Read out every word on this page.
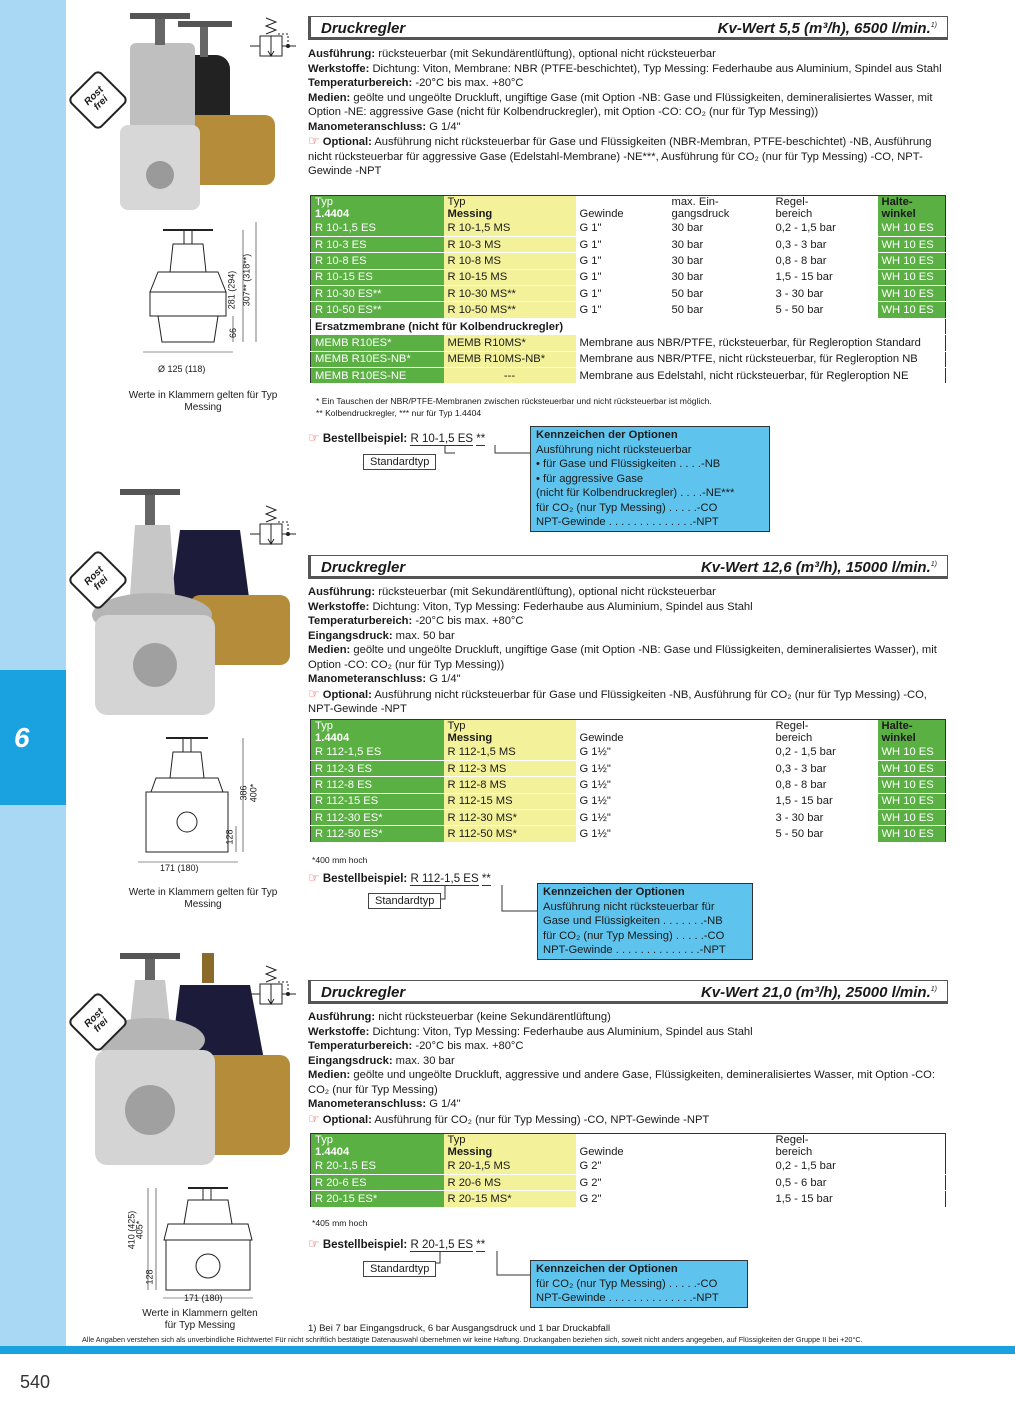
6
Rost frei
Ø 125 (118)
66
281 (294) 307** (318**)
Werte in Klammern gelten für Typ Messing
Druckregler	Kv-Wert 5,5 (m³/h), 6500 l/min.$^{1)}$
Ausführung: rücksteuerbar (mit Sekundärentlüftung), optional nicht rücksteuerbar
Werkstoffe: Dichtung: Viton, Membrane: NBR (PTFE-beschichtet), Typ Messing: Federhaube aus Aluminium, Spindel aus Stahl
Temperaturbereich: -20°C bis max. +80°C
Medien: geölte und ungeölte Druckluft, ungiftige Gase (mit Option -NB: Gase und Flüssigkeiten, demineralisiertes Wasser, mit Option -NE: aggressive Gase (nicht für Kolbendruckregler), mit Option -CO: CO₂ (nur für Typ Messing))
Manometeranschluss: G 1/4"
☞ Optional: Ausführung nicht rücksteuerbar für Gase und Flüssigkeiten (NBR-Membran, PTFE-beschichtet) -NB, Ausführung nicht rücksteuerbar für aggressive Gase (Edelstahl-Membrane) -NE***, Ausführung für CO₂ (nur für Typ Messing) -CO, NPT-Gewinde -NPT
Typ
1.4404	Typ
Messing	Gewinde	max. Ein-
gangsdruck	Regel-
bereich	Halte-
winkel
R 10-1,5 ES	R 10-1,5 MS	G 1"	30 bar	0,2 - 1,5 bar	WH 10 ES
R 10-3 ES	R 10-3 MS	G 1"	30 bar	0,3 - 3 bar	WH 10 ES
R 10-8 ES	R 10-8 MS	G 1"	30 bar	0,8 - 8 bar	WH 10 ES
R 10-15 ES	R 10-15 MS	G 1"	30 bar	1,5 - 15 bar	WH 10 ES
R 10-30 ES**	R 10-30 MS**	G 1"	50 bar	3 - 30 bar	WH 10 ES
R 10-50 ES**	R 10-50 MS**	G 1"	50 bar	5 - 50 bar	WH 10 ES
Ersatzmembrane (nicht für Kolbendruckregler)					
MEMB R10ES*	MEMB R10MS*	Membrane aus NBR/PTFE, rücksteuerbar, für Regleroption Standard			
MEMB R10ES-NB*	MEMB R10MS-NB*	Membrane aus NBR/PTFE, nicht rücksteuerbar, für Regleroption NB			
MEMB R10ES-NE	---	Membrane aus Edelstahl, nicht rücksteuerbar, für Regleroption NE			
* Ein Tauschen der NBR/PTFE-Membranen zwischen rücksteuerbar und nicht rücksteuerbar ist möglich.
** Kolbendruckregler, *** nur für Typ 1.4404
☞ Bestellbeispiel: R 10-1,5 ES **
Standardtyp
Kennzeichen der Optionen
Ausführung nicht rücksteuerbar
• für Gase und Flüssigkeiten . . . .-NB
• für aggressive Gase
(nicht für Kolbendruckregler) . . . .-NE***
für CO₂ (nur Typ Messing) . . . . .-CO
NPT-Gewinde . . . . . . . . . . . . . .-NPT
Rost frei
171 (180)
128
386 400*
Werte in Klammern gelten für Typ Messing
Druckregler	Kv-Wert 12,6 (m³/h), 15000 l/min.$^{1)}$
Ausführung: rücksteuerbar (mit Sekundärentlüftung), optional nicht rücksteuerbar
Werkstoffe: Dichtung: Viton, Typ Messing: Federhaube aus Aluminium, Spindel aus Stahl
Temperaturbereich: -20°C bis max. +80°C
Eingangsdruck: max. 50 bar
Medien: geölte und ungeölte Druckluft, ungiftige Gase (mit Option -NB: Gase und Flüssigkeiten, demineralisiertes Wasser), mit Option -CO: CO₂ (nur für Typ Messing))
Manometeranschluss: G 1/4"
☞ Optional: Ausführung nicht rücksteuerbar für Gase und Flüssigkeiten -NB, Ausführung für CO₂ (nur für Typ Messing) -CO, NPT-Gewinde -NPT
Typ
1.4404	Typ
Messing	Gewinde	Regel-
bereich	Halte-
winkel
R 112-1,5 ES	R 112-1,5 MS	G 1½"	0,2 - 1,5 bar	WH 10 ES
R 112-3 ES	R 112-3 MS	G 1½"	0,3 - 3 bar	WH 10 ES
R 112-8 ES	R 112-8 MS	G 1½"	0,8 - 8 bar	WH 10 ES
R 112-15 ES	R 112-15 MS	G 1½"	1,5 - 15 bar	WH 10 ES
R 112-30 ES*	R 112-30 MS*	G 1½"	3 - 30 bar	WH 10 ES
R 112-50 ES*	R 112-50 MS*	G 1½"	5 - 50 bar	WH 10 ES
*400 mm hoch
☞ Bestellbeispiel: R 112-1,5 ES **
Standardtyp
Kennzeichen der Optionen
Ausführung nicht rücksteuerbar für
Gase und Flüssigkeiten . . . . . . .-NB
für CO₂ (nur Typ Messing) . . . . .-CO
NPT-Gewinde . . . . . . . . . . . . . .-NPT
Rost frei
171 (180)
128
410 (425)
405*
Werte in Klammern gelten für Typ Messing
Druckregler	Kv-Wert 21,0 (m³/h), 25000 l/min.$^{1)}$
Ausführung: nicht rücksteuerbar (keine Sekundärentlüftung)
Werkstoffe: Dichtung: Viton, Typ Messing: Federhaube aus Aluminium, Spindel aus Stahl
Temperaturbereich: -20°C bis max. +80°C
Eingangsdruck: max. 30 bar
Medien: geölte und ungeölte Druckluft, aggressive und andere Gase, Flüssigkeiten, demineralisiertes Wasser, mit Option -CO: CO₂ (nur für Typ Messing)
Manometeranschluss: G 1/4"
☞ Optional: Ausführung für CO₂ (nur für Typ Messing) -CO, NPT-Gewinde -NPT
Typ
1.4404	Typ
Messing	Gewinde	Regel-
bereich
R 20-1,5 ES	R 20-1,5 MS	G 2"	0,2 - 1,5 bar
R 20-6 ES	R 20-6 MS	G 2"	0,5 - 6 bar
R 20-15 ES*	R 20-15 MS*	G 2"	1,5 - 15 bar
*405 mm hoch
☞ Bestellbeispiel: R 20-1,5 ES **
Standardtyp	Kennzeichen der Optionen
für CO₂ (nur Typ Messing) . . . . .-CO
NPT-Gewinde . . . . . . . . . . . . . .-NPT
1) Bei 7 bar Eingangsdruck, 6 bar Ausgangsdruck und 1 bar Druckabfall
Alle Angaben verstehen sich als unverbindliche Richtwerte! Für nicht schriftlich bestätigte Datenauswahl übernehmen wir keine Haftung. Druckangaben beziehen sich, soweit nicht anders angegeben, auf Flüssigkeiten der Gruppe II bei +20°C.
540
